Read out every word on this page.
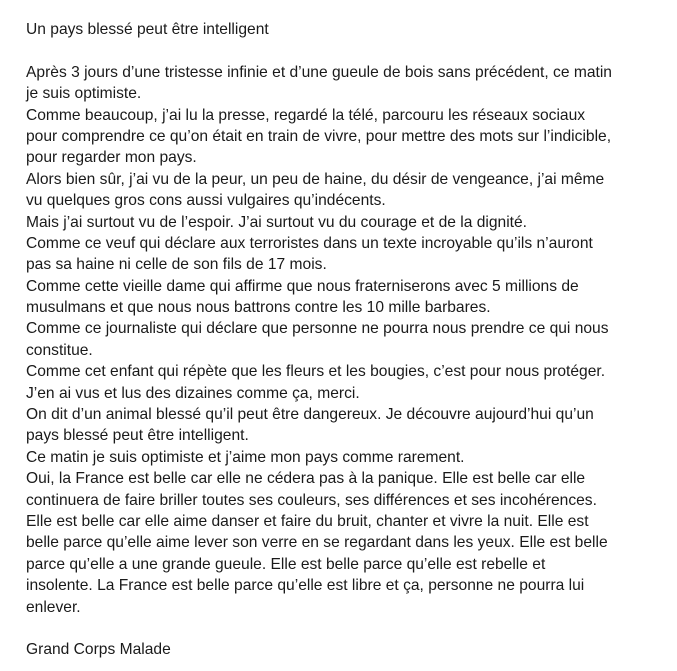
Un pays blessé peut être intelligent
Après 3 jours d’une tristesse infinie et d’une gueule de bois sans précédent, ce matin
je suis optimiste.
Comme beaucoup, j’ai lu la presse, regardé la télé, parcouru les réseaux sociaux
pour comprendre ce qu’on était en train de vivre, pour mettre des mots sur l’indicible,
pour regarder mon pays.
Alors bien sûr, j’ai vu de la peur, un peu de haine, du désir de vengeance, j’ai même
vu quelques gros cons aussi vulgaires qu’indécents.
Mais j’ai surtout vu de l’espoir. J’ai surtout vu du courage et de la dignité.
Comme ce veuf qui déclare aux terroristes dans un texte incroyable qu’ils n’auront
pas sa haine ni celle de son fils de 17 mois.
Comme cette vieille dame qui affirme que nous fraterniserons avec 5 millions de
musulmans et que nous nous battrons contre les 10 mille barbares.
Comme ce journaliste qui déclare que personne ne pourra nous prendre ce qui nous
constitue.
Comme cet enfant qui répète que les fleurs et les bougies, c’est pour nous protéger.
J’en ai vus et lus des dizaines comme ça, merci.
On dit d’un animal blessé qu’il peut être dangereux. Je découvre aujourd’hui qu’un
pays blessé peut être intelligent.
Ce matin je suis optimiste et j’aime mon pays comme rarement.
Oui, la France est belle car elle ne cédera pas à la panique. Elle est belle car elle
continuera de faire briller toutes ses couleurs, ses différences et ses incohérences.
Elle est belle car elle aime danser et faire du bruit, chanter et vivre la nuit. Elle est
belle parce qu’elle aime lever son verre en se regardant dans les yeux. Elle est belle
parce qu’elle a une grande gueule. Elle est belle parce qu’elle est rebelle et
insolente. La France est belle parce qu’elle est libre et ça, personne ne pourra lui
enlever.
Grand Corps Malade
